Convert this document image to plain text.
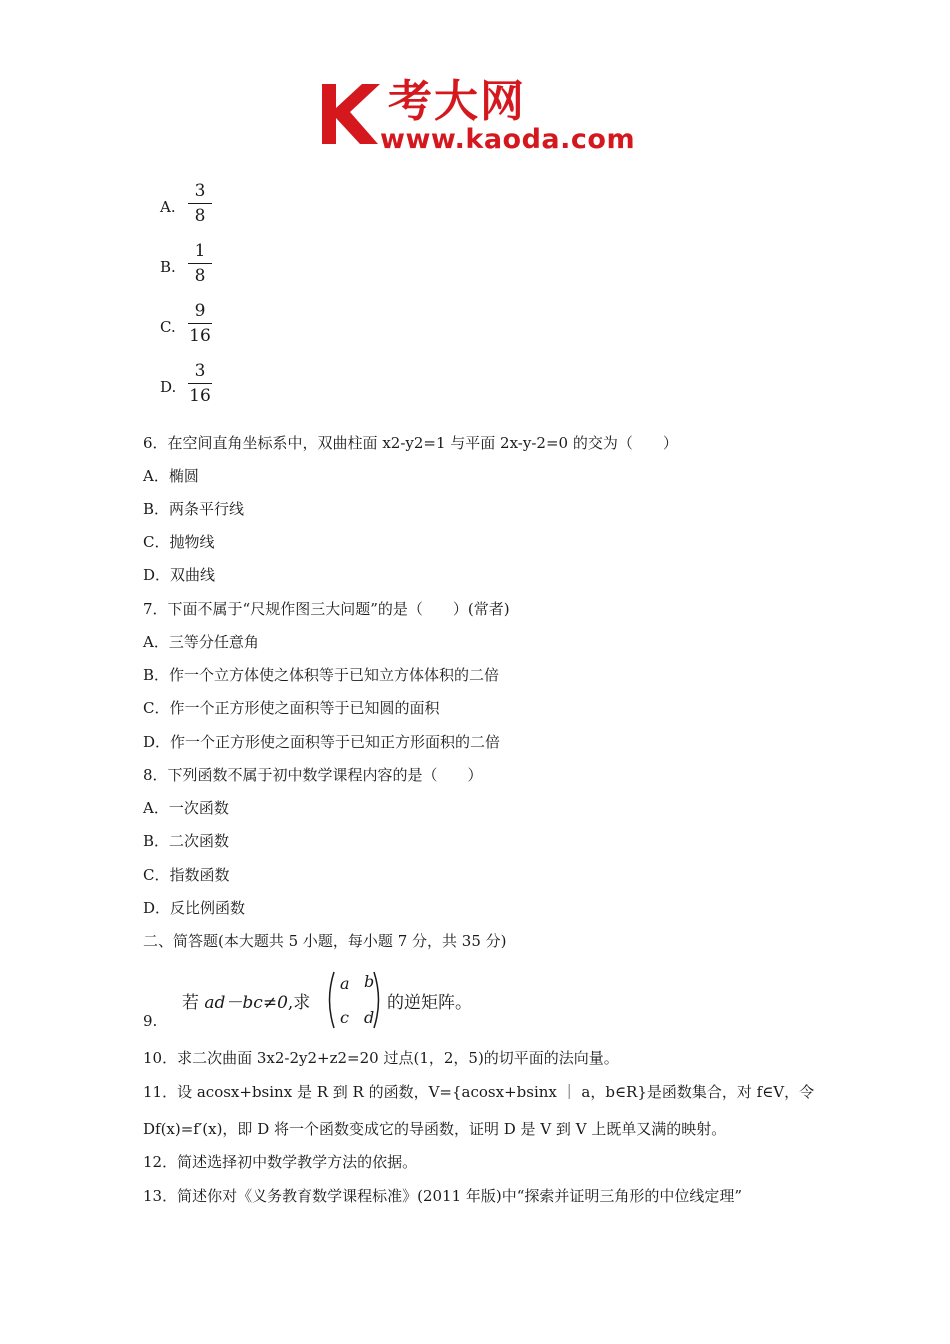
考大网
www.kaoda.com
A.
3
8
B.
1
8
C.
9
16
D.
3
16
6．在空间直角坐标系中，双曲柱面 x2-y2=1 与平面 2x-y-2=0 的交为（　　）
A．椭圆
B．两条平行线
C．抛物线
D．双曲线
7．下面不属于“尺规作图三大问题”的是（　　）(常者)
A．三等分任意角
B．作一个立方体使之体积等于已知立方体体积的二倍
C．作一个正方形使之面积等于已知圆的面积
D．作一个正方形使之面积等于已知正方形面积的二倍
8．下列函数不属于初中数学课程内容的是（　　）
A．一次函数
B．二次函数
C．指数函数
D．反比例函数
二、简答题(本大题共 5 小题，每小题 7 分，共 35 分)
9.
若 ad－bc≠0,求
a b
c d
的逆矩阵。
10．求二次曲面 3x2-2y2+z2=20 过点(1，2，5)的切平面的法向量。
11．设 acosx+bsinx 是 R 到 R 的函数，V={acosx+bsinx ｜ a，b∈R}是函数集合，对 f∈V，令
Df(x)=f′(x)，即 D 将一个函数变成它的导函数，证明 D 是 V 到 V 上既单又满的映射。
12．简述选择初中数学教学方法的依据。
13．简述你对《义务教育数学课程标准》(2011 年版)中“探索并证明三角形的中位线定理”
